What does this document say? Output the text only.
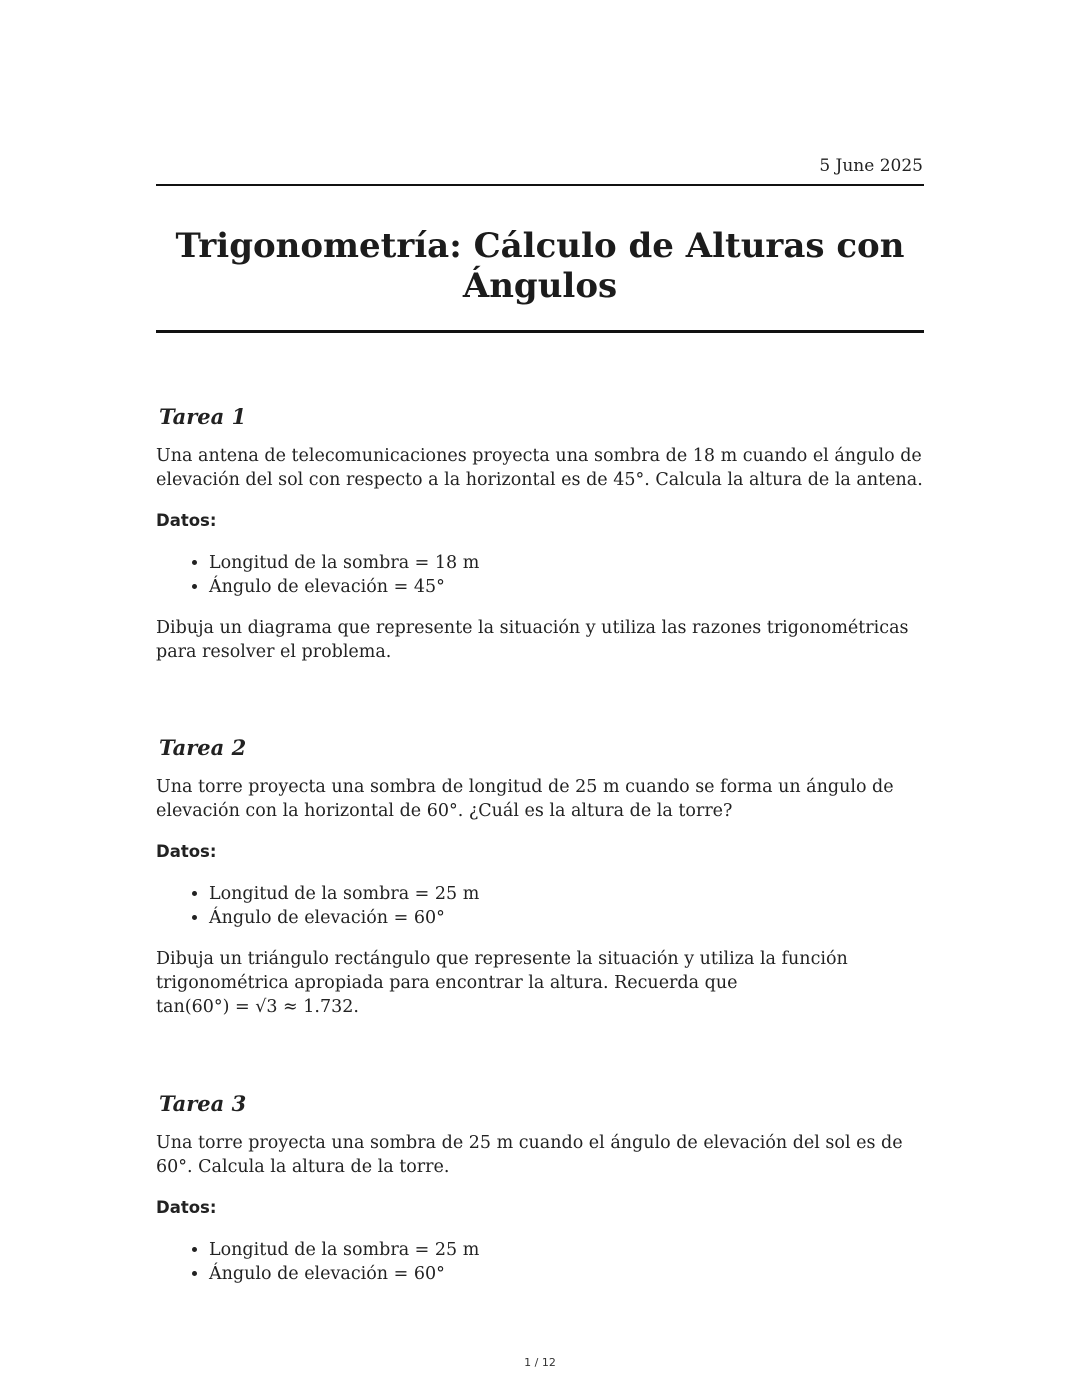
5 June 2025
Trigonometría: Cálculo de Alturas con Ángulos
Tarea 1

Una antena de telecomunicaciones proyecta una sombra de 18 m cuando el ángulo de elevación del sol con respecto a la horizontal es de 45°. Calcula la altura de la antena.

Datos:

• Longitud de la sombra = 18 m
• Ángulo de elevación = 45°

Dibuja un diagrama que represente la situación y utiliza las razones trigonométricas para resolver el problema.

Tarea 2

Una torre proyecta una sombra de longitud de 25 m cuando se forma un ángulo de elevación con la horizontal de 60°. ¿Cuál es la altura de la torre?

Datos:

• Longitud de la sombra = 25 m
• Ángulo de elevación = 60°

Dibuja un triángulo rectángulo que represente la situación y utiliza la función trigonométrica apropiada para encontrar la altura. Recuerda que

tan(60°) = √3 ≈ 1.732.

Tarea 3

Una torre proyecta una sombra de 25 m cuando el ángulo de elevación del sol es de 60°. Calcula la altura de la torre.

Datos:

• Longitud de la sombra = 25 m
• Ángulo de elevación = 60°
1 / 12
